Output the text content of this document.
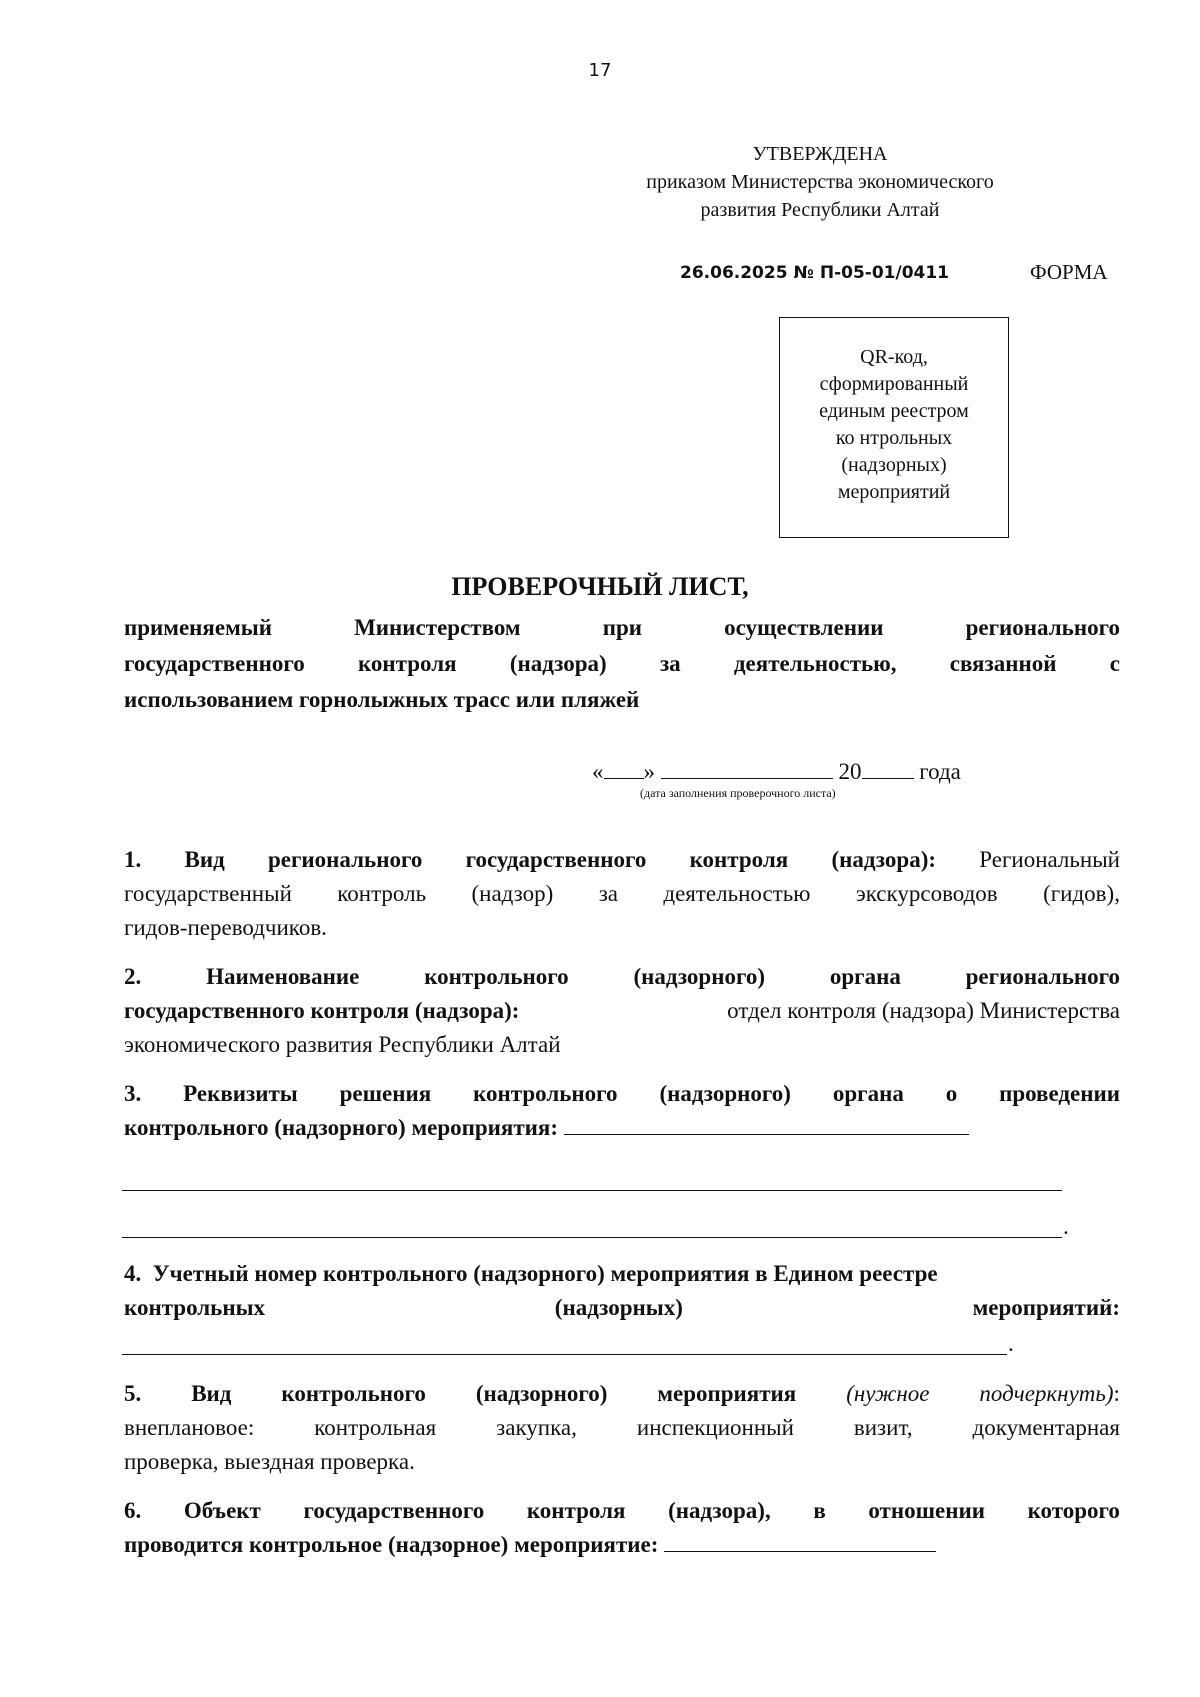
17
УТВЕРЖДЕНА
приказом Министерства экономического
развития Республики Алтай
26.06.2025 № П-05-01/0411	ФОРМА
QR-код,
сформированный
единым реестром
ко нтрольных
(надзорных)
мероприятий
ПРОВЕРОЧНЫЙ ЛИСТ,
применяемый	Министерством	при	осуществлении	регионального
государственного контроля (надзора) за деятельностью, связанной с
использованием горнолыжных трасс или пляжей
« »	20	года
(дата заполнения проверочного листа)
1. Вид регионального государственного контроля (надзора): Региональный
государственный контроль (надзор) за деятельностью экскурсоводов (гидов),
гидов-переводчиков.
2.	Наименование	контрольного	(надзорного)	органа	регионального
государственного контроля (надзора):	отдел контроля (надзора) Министерства
экономического развития Республики Алтай
3. Реквизиты решения контрольного (надзорного) органа о проведении
контрольного (надзорного) мероприятия:
.
4.  Учетный номер контрольного (надзорного) мероприятия в Едином реестре
контрольных	(надзорных)	мероприятий:
.
5. Вид контрольного (надзорного) мероприятия (нужное подчеркнуть):
внеплановое:	контрольная	закупка,	инспекционный	визит,	документарная
проверка, выездная проверка.
6. Объект государственного контроля (надзора), в отношении которого
проводится контрольное (надзорное) мероприятие:
